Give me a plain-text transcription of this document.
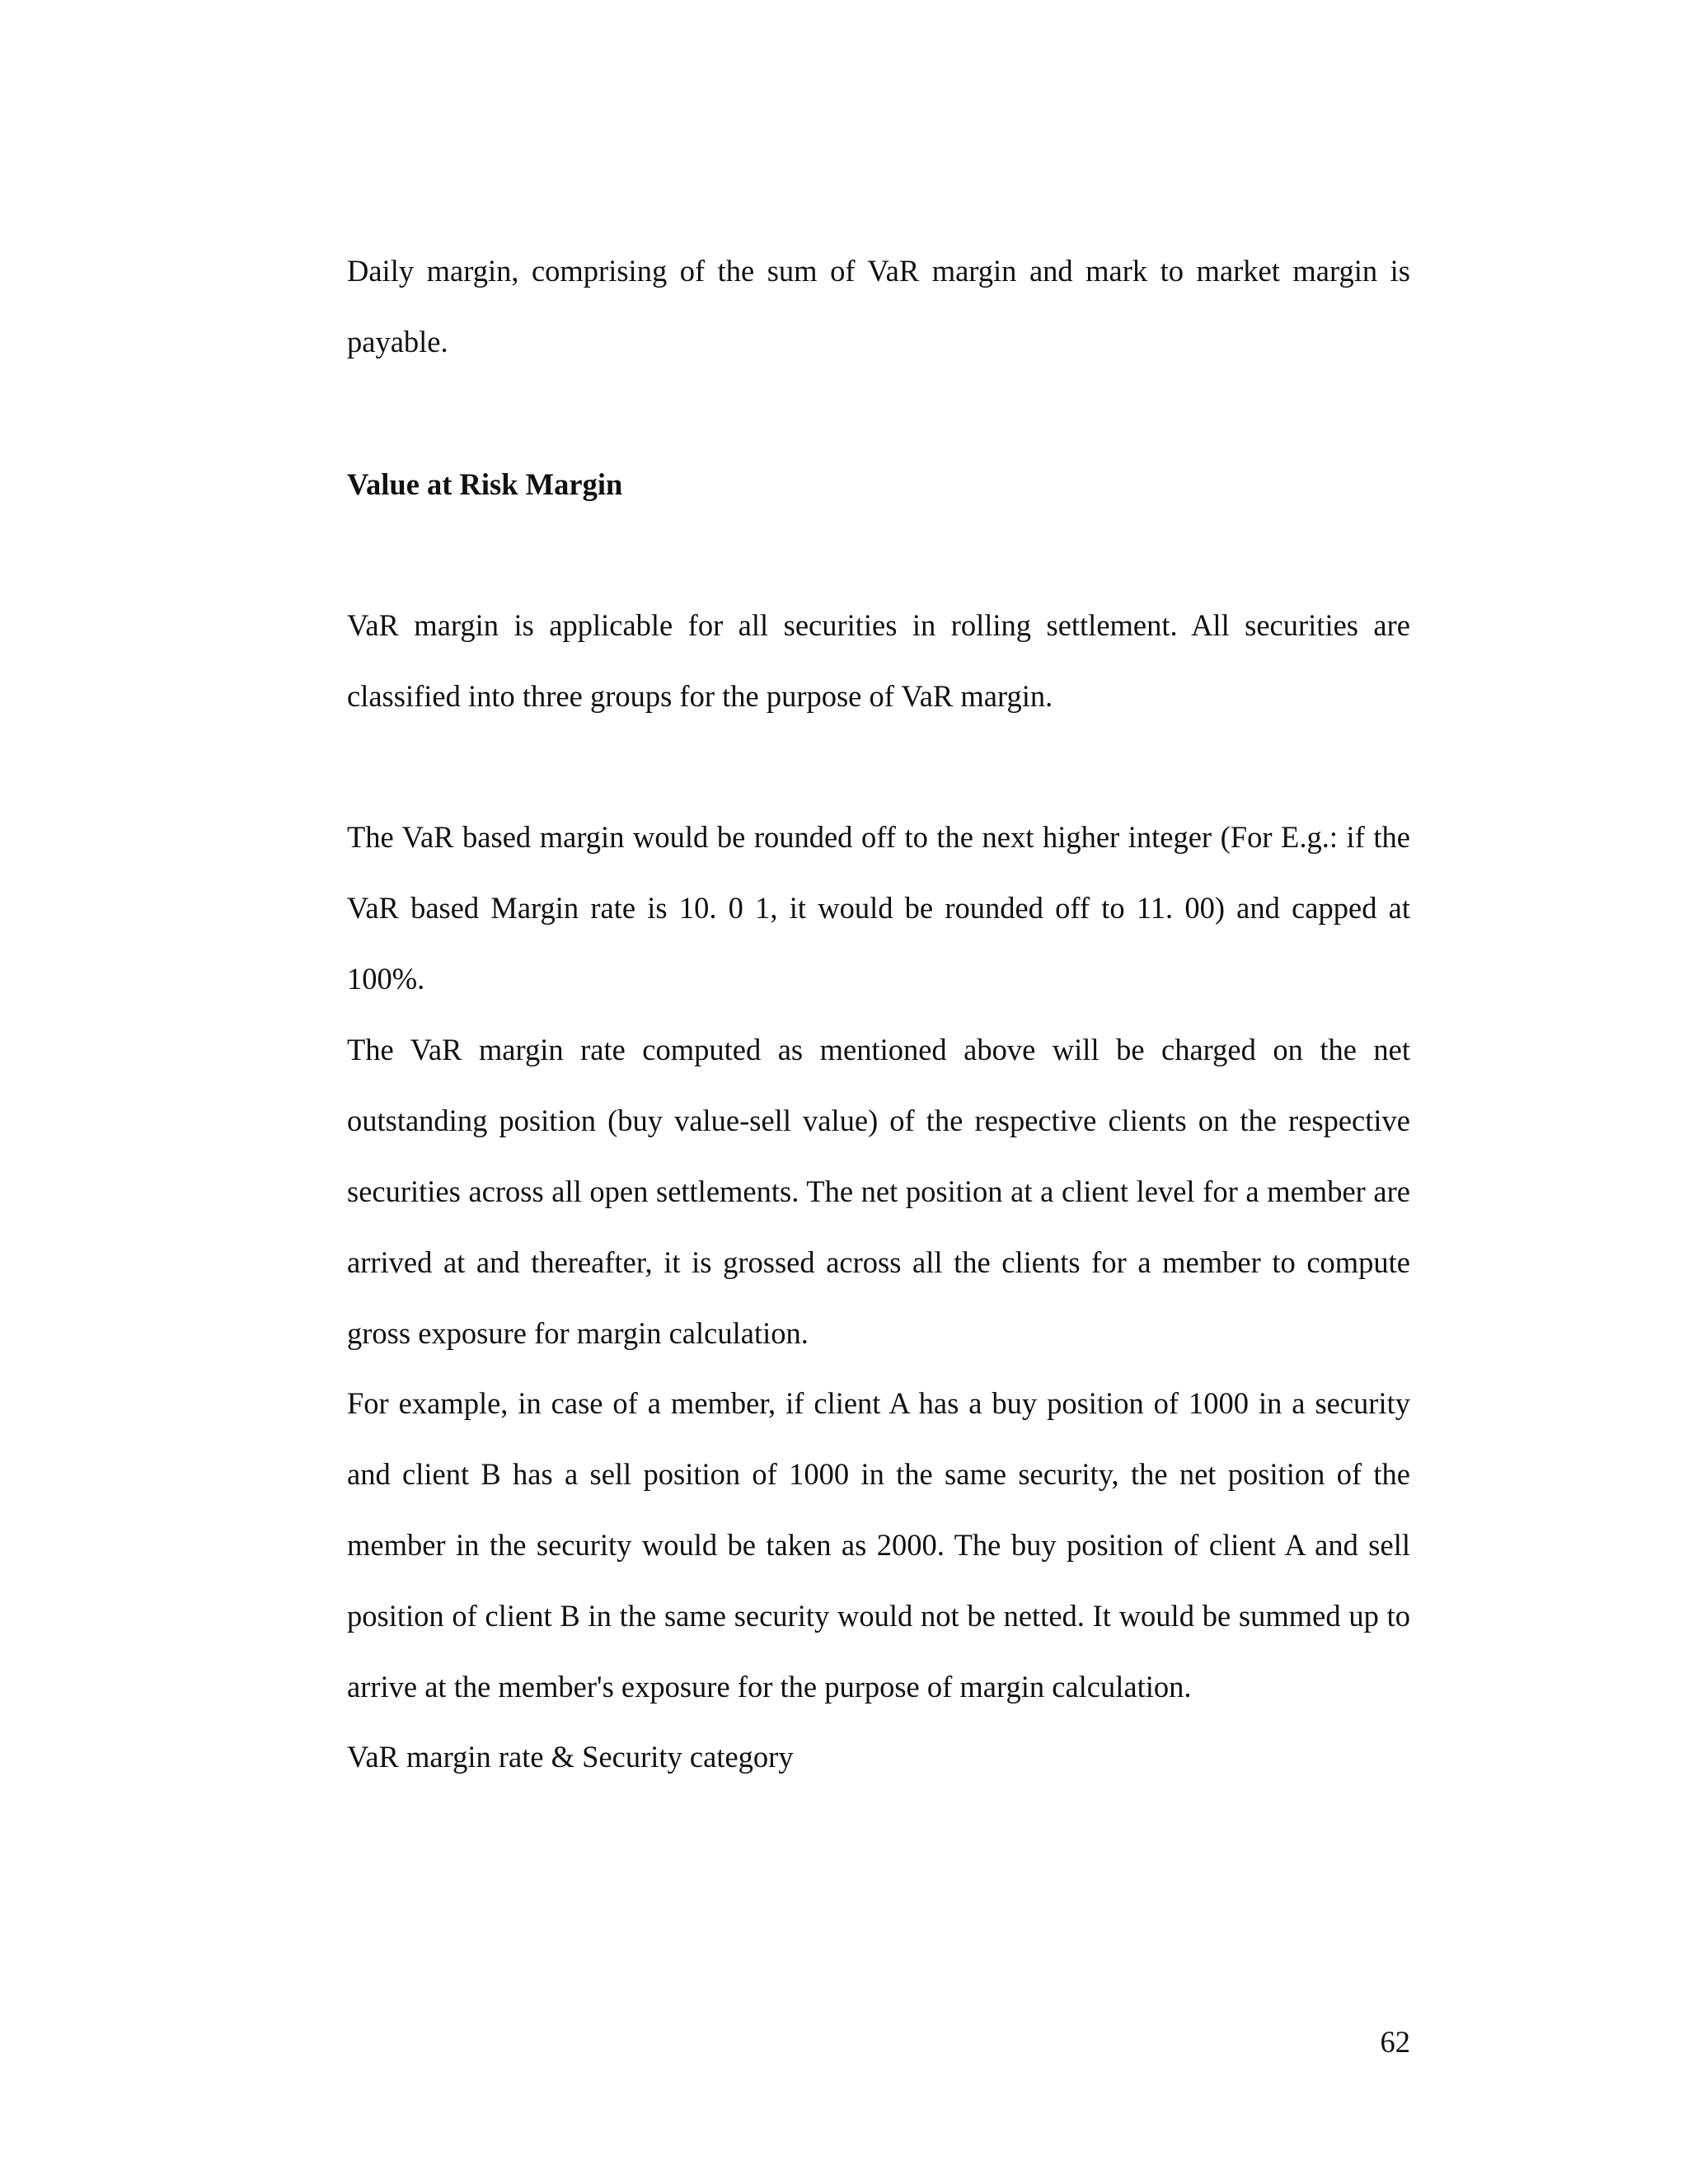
Daily margin, comprising of the sum of VaR margin and mark to market margin is payable.

Value at Risk Margin

VaR margin is applicable for all securities in rolling settlement. All securities are classified into three groups for the purpose of VaR margin.

The VaR based margin would be rounded off to the next higher integer (For E.g.: if the VaR based Margin rate is 10. 0 1, it would be rounded off to 11. 00) and capped at 100%.

The VaR margin rate computed as mentioned above will be charged on the net outstanding position (buy value-sell value) of the respective clients on the respective securities across all open settlements. The net position at a client level for a member are arrived at and thereafter, it is grossed across all the clients for a member to compute gross exposure for margin calculation.

For example, in case of a member, if client A has a buy position of 1000 in a security and client B has a sell position of 1000 in the same security, the net position of the member in the security would be taken as 2000. The buy position of client A and sell position of client B in the same security would not be netted. It would be summed up to arrive at the member's exposure for the purpose of margin calculation.

VaR margin rate & Security category

62
